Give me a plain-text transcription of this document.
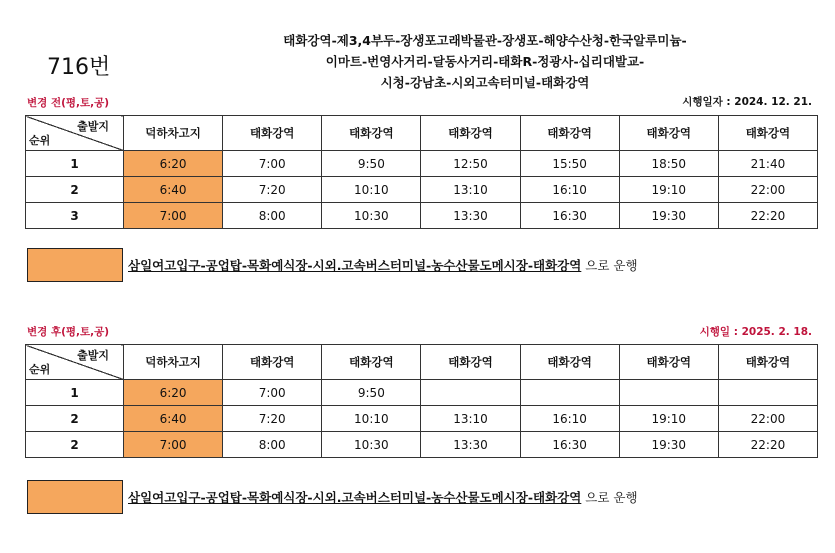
716번
태화강역-제3,4부두-장생포고래박물관-장생포-해양수산청-한국알루미늄-
이마트-번영사거리-달동사거리-태화R-정광사-십리대발교-
시청-강남초-시외고속터미널-태화강역
변경 전(평,토,공)	시행일자 : 2024. 12. 21.
출발지
순위	덕하차고지	태화강역	태화강역	태화강역	태화강역	태화강역	태화강역
1	6:20	7:00	9:50	12:50	15:50	18:50	21:40
2	6:40	7:20	10:10	13:10	16:10	19:10	22:00
3	7:00	8:00	10:30	13:30	16:30	19:30	22:20
삼일여고입구-공업탑-목화예식장-시외.고속버스터미널-농수산물도메시장-태화강역 으로 운행
변경 후(평,토,공)	시행일 : 2025. 2. 18.
출발지
순위	덕하차고지	태화강역	태화강역	태화강역	태화강역	태화강역	태화강역
1	6:20	7:00	9:50				
2	6:40	7:20	10:10	13:10	16:10	19:10	22:00
2	7:00	8:00	10:30	13:30	16:30	19:30	22:20
삼일여고입구-공업탑-목화예식장-시외.고속버스터미널-농수산물도메시장-태화강역 으로 운행
